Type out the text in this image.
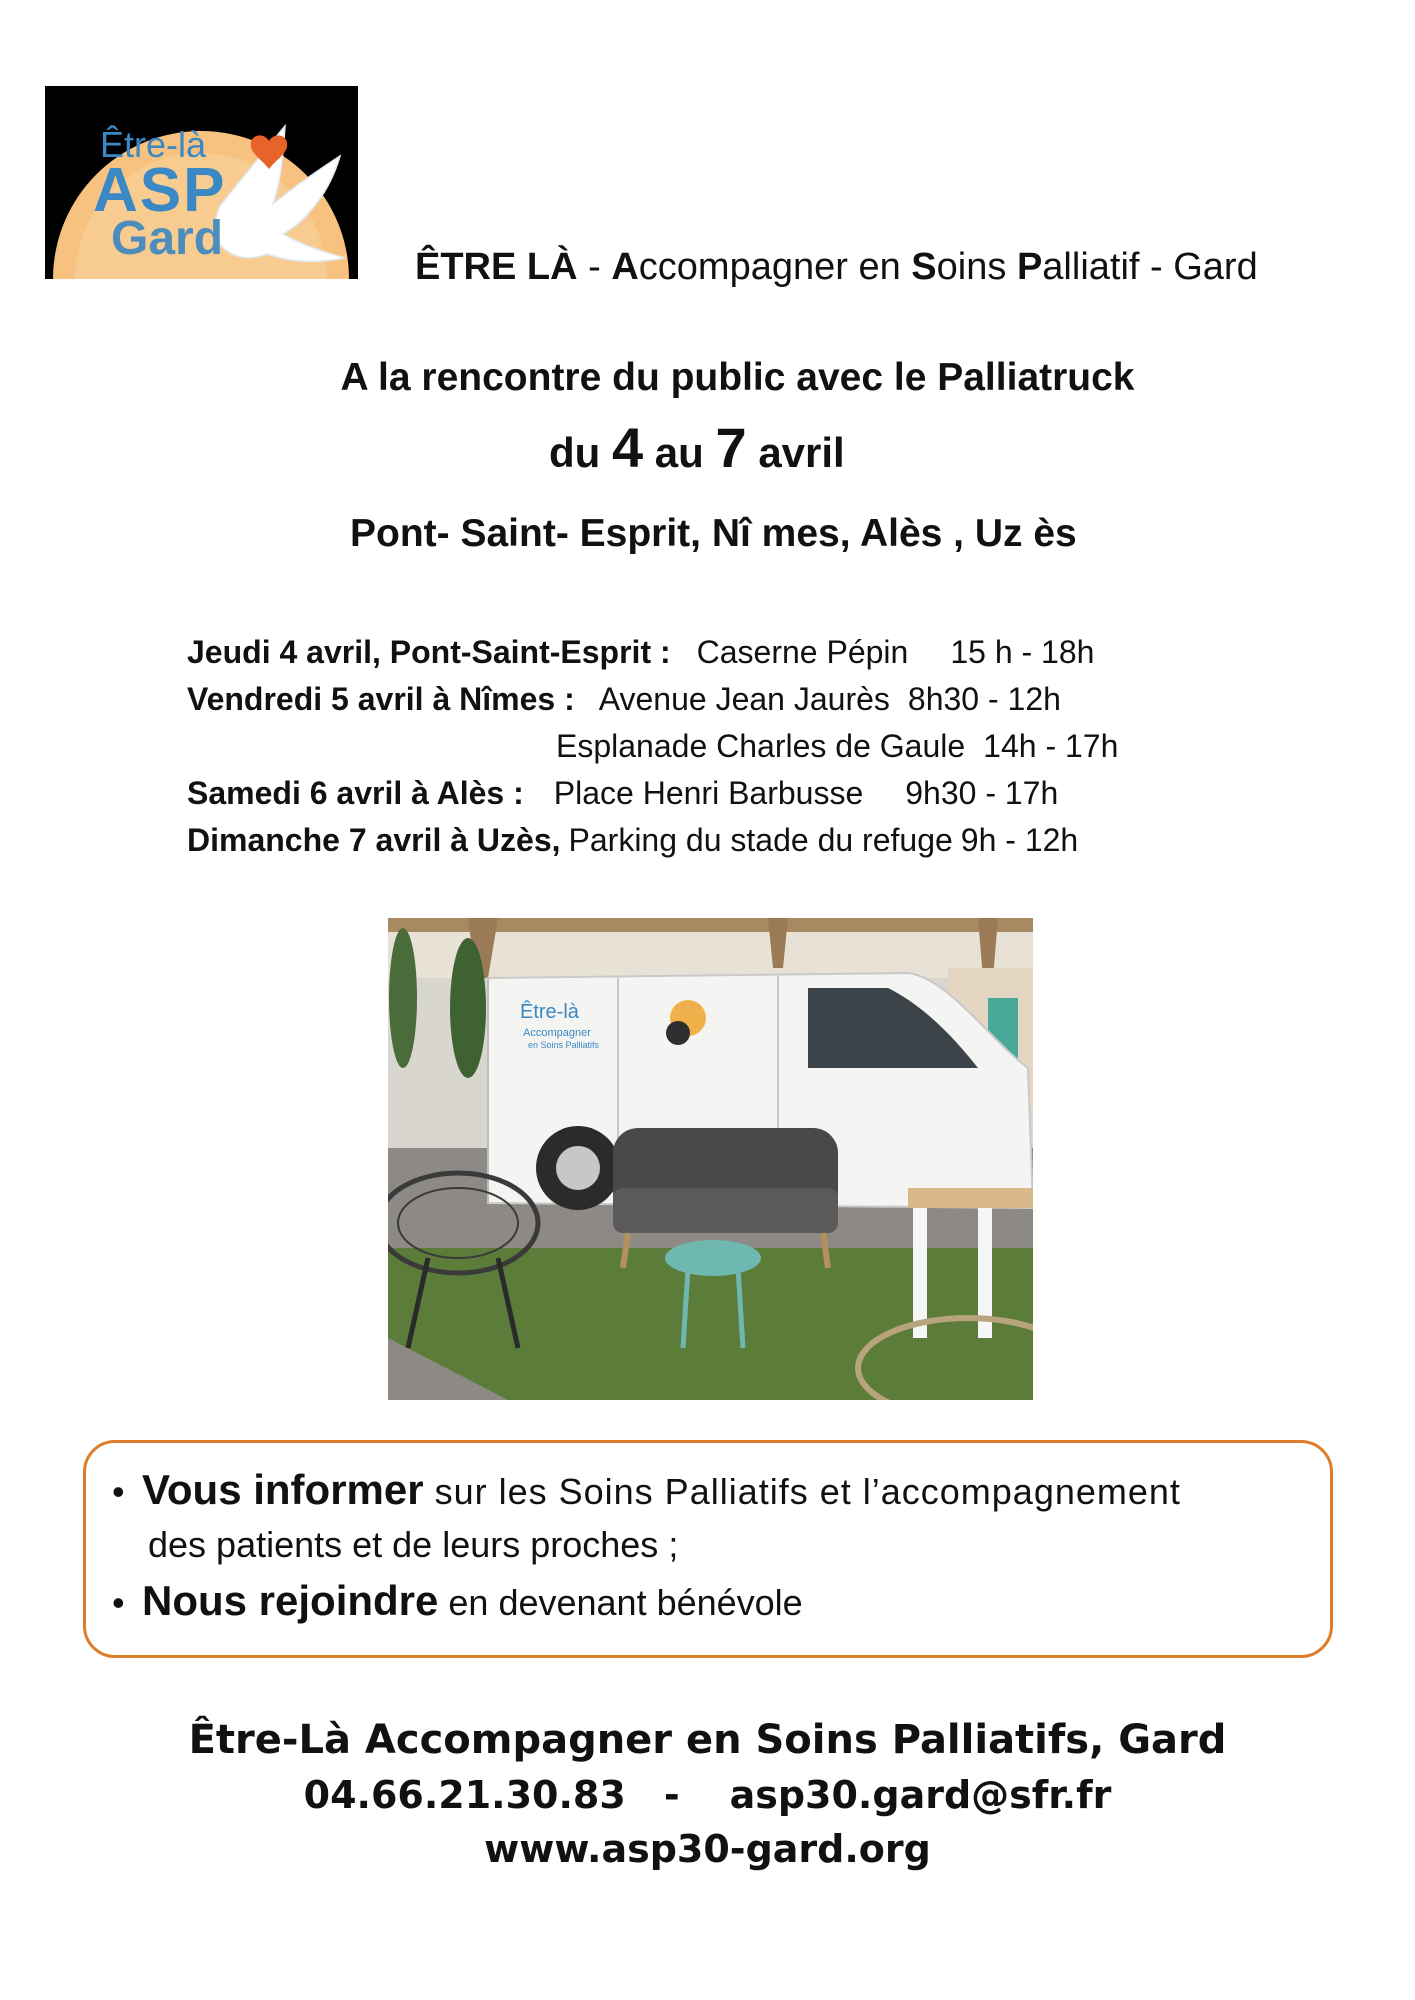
Être-là
ASP
Gard
ÊTRE LÀ - Accompagner en Soins Palliatif - Gard
A la rencontre du public avec le Palliatruck
du 4 au 7 avril
Pont- Saint- Esprit, Nî mes, Alès , Uz ès
Jeudi 4 avril, Pont-Saint-Esprit : Caserne Pépin 15 h - 18h
Vendredi 5 avril à Nîmes : Avenue Jean Jaurès 8h30 - 12h
Esplanade Charles de Gaule 14h - 17h
Samedi 6 avril à Alès : Place Henri Barbusse 9h30 - 17h
Dimanche 7 avril à Uzès, Parking du stade du refuge 9h - 12h
Être-là
Accompagner
en Soins Palliatifs
• Vous informer sur les Soins Palliatifs et l’accompagnement
des patients et de leurs proches ;
• Nous rejoindre en devenant bénévole
Être-Là Accompagner en Soins Palliatifs, Gard
04.66.21.30.83 - asp30.gard@sfr.fr
www.asp30-gard.org
